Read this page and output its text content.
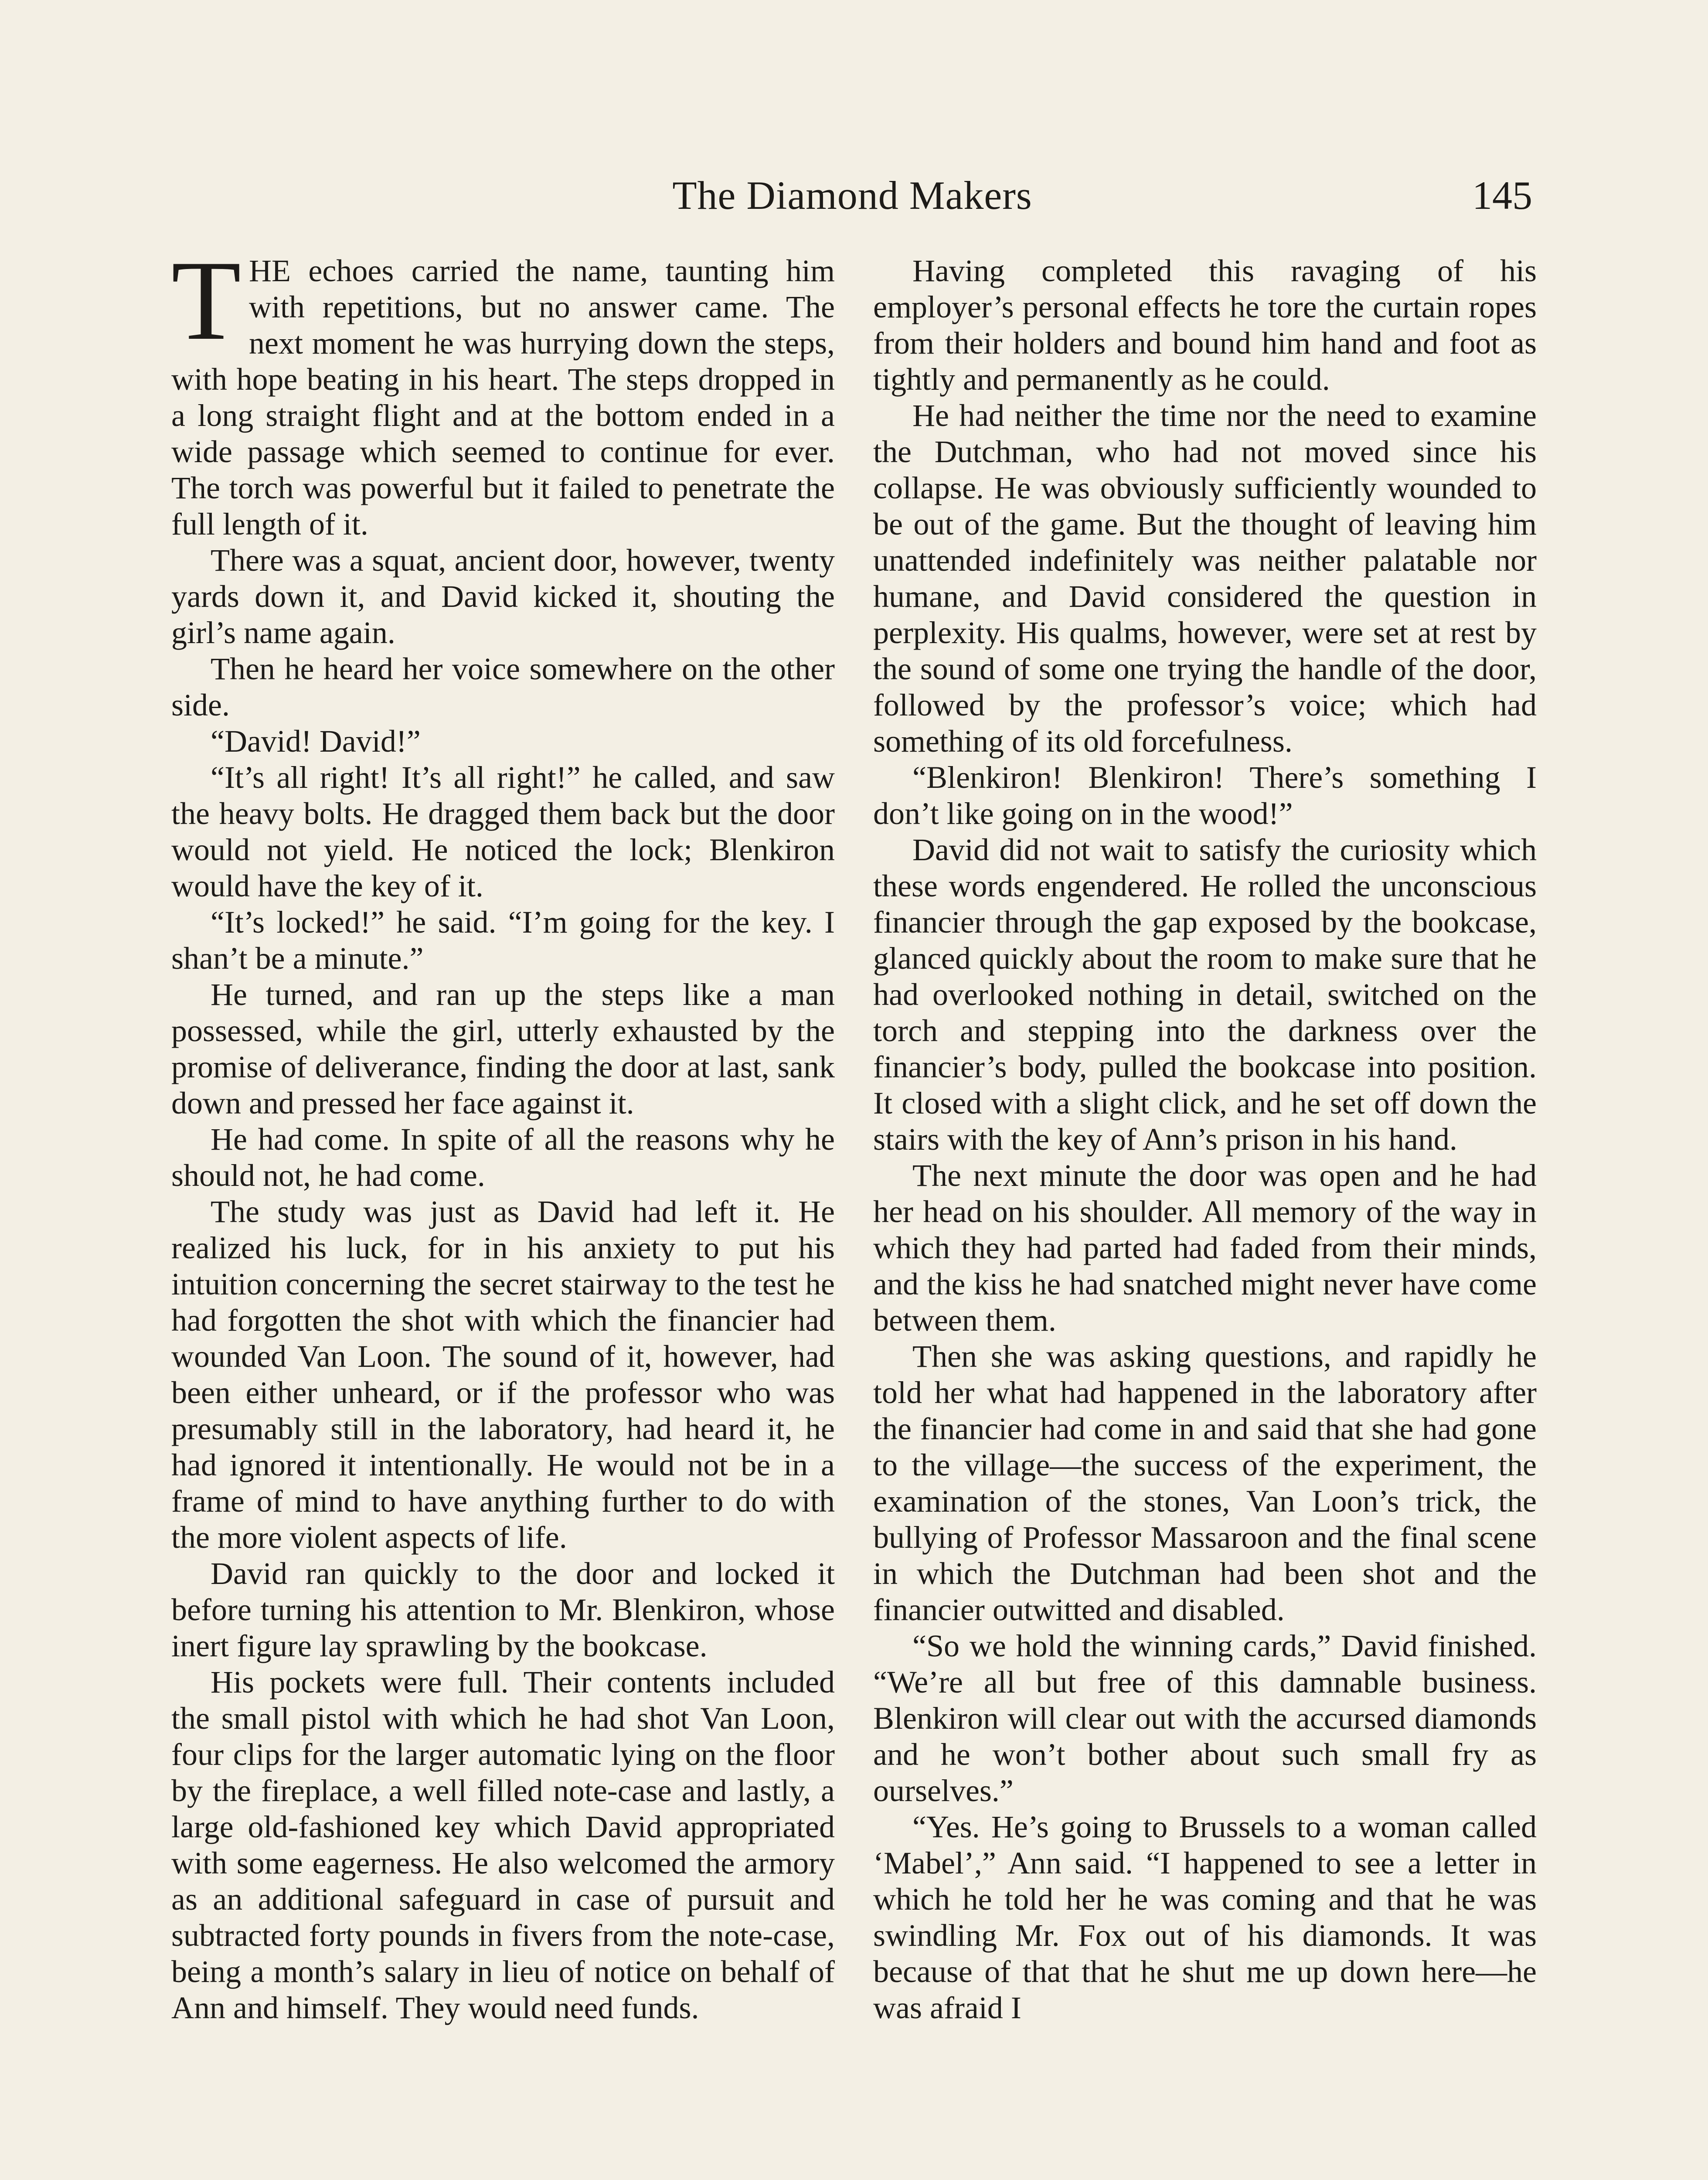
The Diamond Makers	145

THE echoes carried the name, taunting him with repetitions, but no answer came. The next moment he was hurrying down the steps, with hope beating in his heart. The steps dropped in a long straight flight and at the bottom ended in a wide passage which seemed to continue for ever. The torch was powerful but it failed to penetrate the full length of it.

There was a squat, ancient door, however, twenty yards down it, and David kicked it, shouting the girl’s name again.

Then he heard her voice somewhere on the other side.

“David! David!”

“It’s all right! It’s all right!” he called, and saw the heavy bolts. He dragged them back but the door would not yield. He noticed the lock; Blenkiron would have the key of it.

“It’s locked!” he said. “I’m going for the key. I shan’t be a minute.”

He turned, and ran up the steps like a man possessed, while the girl, utterly exhausted by the promise of deliverance, finding the door at last, sank down and pressed her face against it.

He had come. In spite of all the reasons why he should not, he had come.

The study was just as David had left it. He realized his luck, for in his anxiety to put his intuition concerning the secret stairway to the test he had forgotten the shot with which the financier had wounded Van Loon. The sound of it, however, had been either unheard, or if the professor who was presumably still in the laboratory, had heard it, he had ignored it intentionally. He would not be in a frame of mind to have anything further to do with the more violent aspects of life.

David ran quickly to the door and locked it before turning his attention to Mr. Blenkiron, whose inert figure lay sprawling by the bookcase.

His pockets were full. Their contents included the small pistol with which he had shot Van Loon, four clips for the larger automatic lying on the floor by the fireplace, a well filled note-case and lastly, a large old-fashioned key which David appropriated with some eagerness. He also welcomed the armory as an additional safeguard in case of pursuit and subtracted forty pounds in fivers from the note-case, being a month’s salary in lieu of notice on behalf of Ann and himself. They would need funds.

Having completed this ravaging of his employer’s personal effects he tore the curtain ropes from their holders and bound him hand and foot as tightly and permanently as he could.

He had neither the time nor the need to examine the Dutchman, who had not moved since his collapse. He was obviously sufficiently wounded to be out of the game. But the thought of leaving him unattended indefinitely was neither palatable nor humane, and David considered the question in perplexity. His qualms, however, were set at rest by the sound of some one trying the handle of the door, followed by the professor’s voice; which had something of its old forcefulness.

“Blenkiron! Blenkiron! There’s something I don’t like going on in the wood!”

David did not wait to satisfy the curiosity which these words engendered. He rolled the unconscious financier through the gap exposed by the bookcase, glanced quickly about the room to make sure that he had overlooked nothing in detail, switched on the torch and stepping into the darkness over the financier’s body, pulled the bookcase into position. It closed with a slight click, and he set off down the stairs with the key of Ann’s prison in his hand.

The next minute the door was open and he had her head on his shoulder. All memory of the way in which they had parted had faded from their minds, and the kiss he had snatched might never have come between them.

Then she was asking questions, and rapidly he told her what had happened in the laboratory after the financier had come in and said that she had gone to the village—the success of the experiment, the examination of the stones, Van Loon’s trick, the bullying of Professor Massaroon and the final scene in which the Dutchman had been shot and the financier outwitted and disabled.

“So we hold the winning cards,” David finished. “We’re all but free of this damnable business. Blenkiron will clear out with the accursed diamonds and he won’t bother about such small fry as ourselves.”

“Yes. He’s going to Brussels to a woman called ‘Mabel’,” Ann said. “I happened to see a letter in which he told her he was coming and that he was swindling Mr. Fox out of his diamonds. It was because of that that he shut me up down here—he was afraid I
